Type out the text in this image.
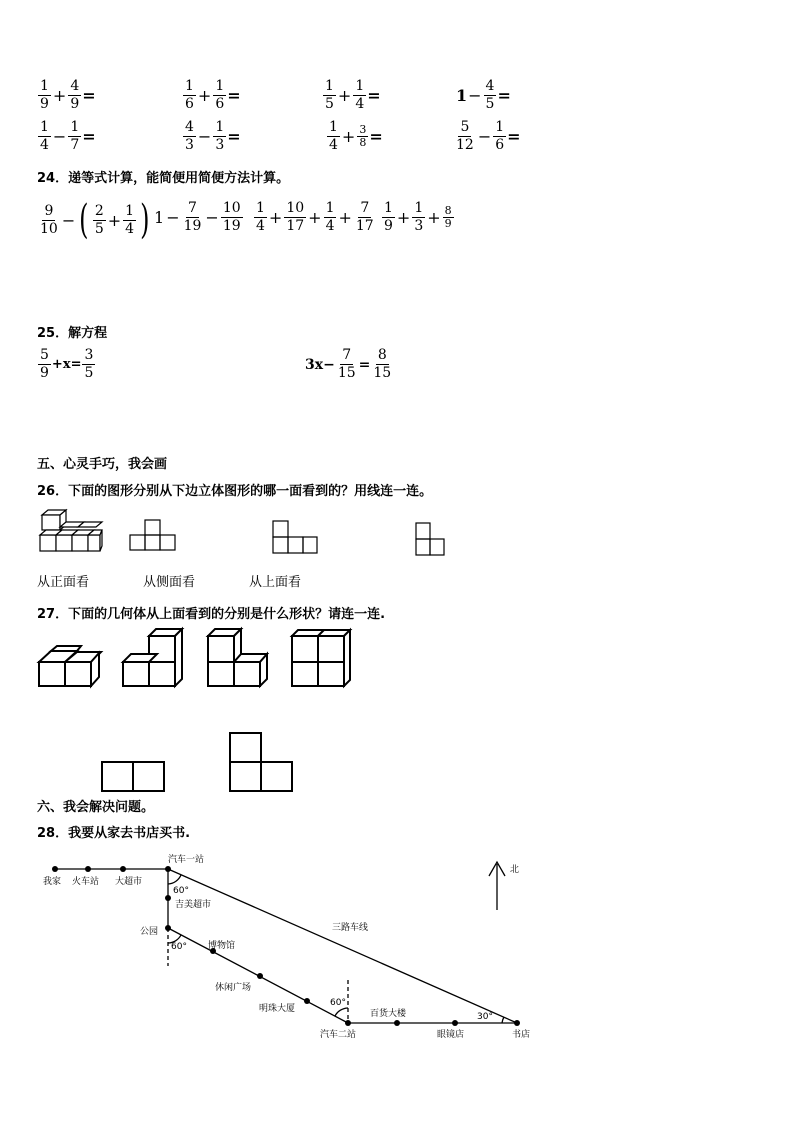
$\frac{1}{9} + \frac{4}{9}$ =	$\frac{1}{6} + \frac{1}{6}$ =	$\frac{1}{5} + \frac{1}{4}$ =	$1 - \frac{4}{5}$ =
$\frac{1}{4} - \frac{1}{7}$ =	$\frac{4}{3} - \frac{1}{3}$ =	$\frac{1}{4} + \frac{3}{8}$ =	$\frac{5}{12} - \frac{1}{6}$ =
24．递等式计算，能简便用简便方法计算。
$\frac{9}{10}$ − ( $\frac{2}{5} + \frac{1}{4}$ ) $1 - \frac{7}{19} - \frac{10}{19} \frac{1}{4} + \frac{10}{17} + \frac{1}{4} + \frac{7}{17} \frac{1}{9} + \frac{1}{3} + \frac{8}{9}$
25．解方程
$\frac{5}{9} +x= \frac{3}{5}$	$3x- \frac{7}{15} = \frac{8}{15}$
五、心灵手巧，我会画
26．下面的图形分别从下边立体图形的哪一面看到的？用线连一连。
从正面看	从侧面看	从上面看
27．下面的几何体从上面看到的分别是什么形状？请连一连.
六、我会解决问题。
28．我要从家去书店买书.
我家 火车站 大超市
汽车一站
60°
吉美超市
公园
60° 博物馆
休闲广场
明珠大厦
60°
汽车二站
百货大楼
眼镜店	书店
三路车线
30°
北
